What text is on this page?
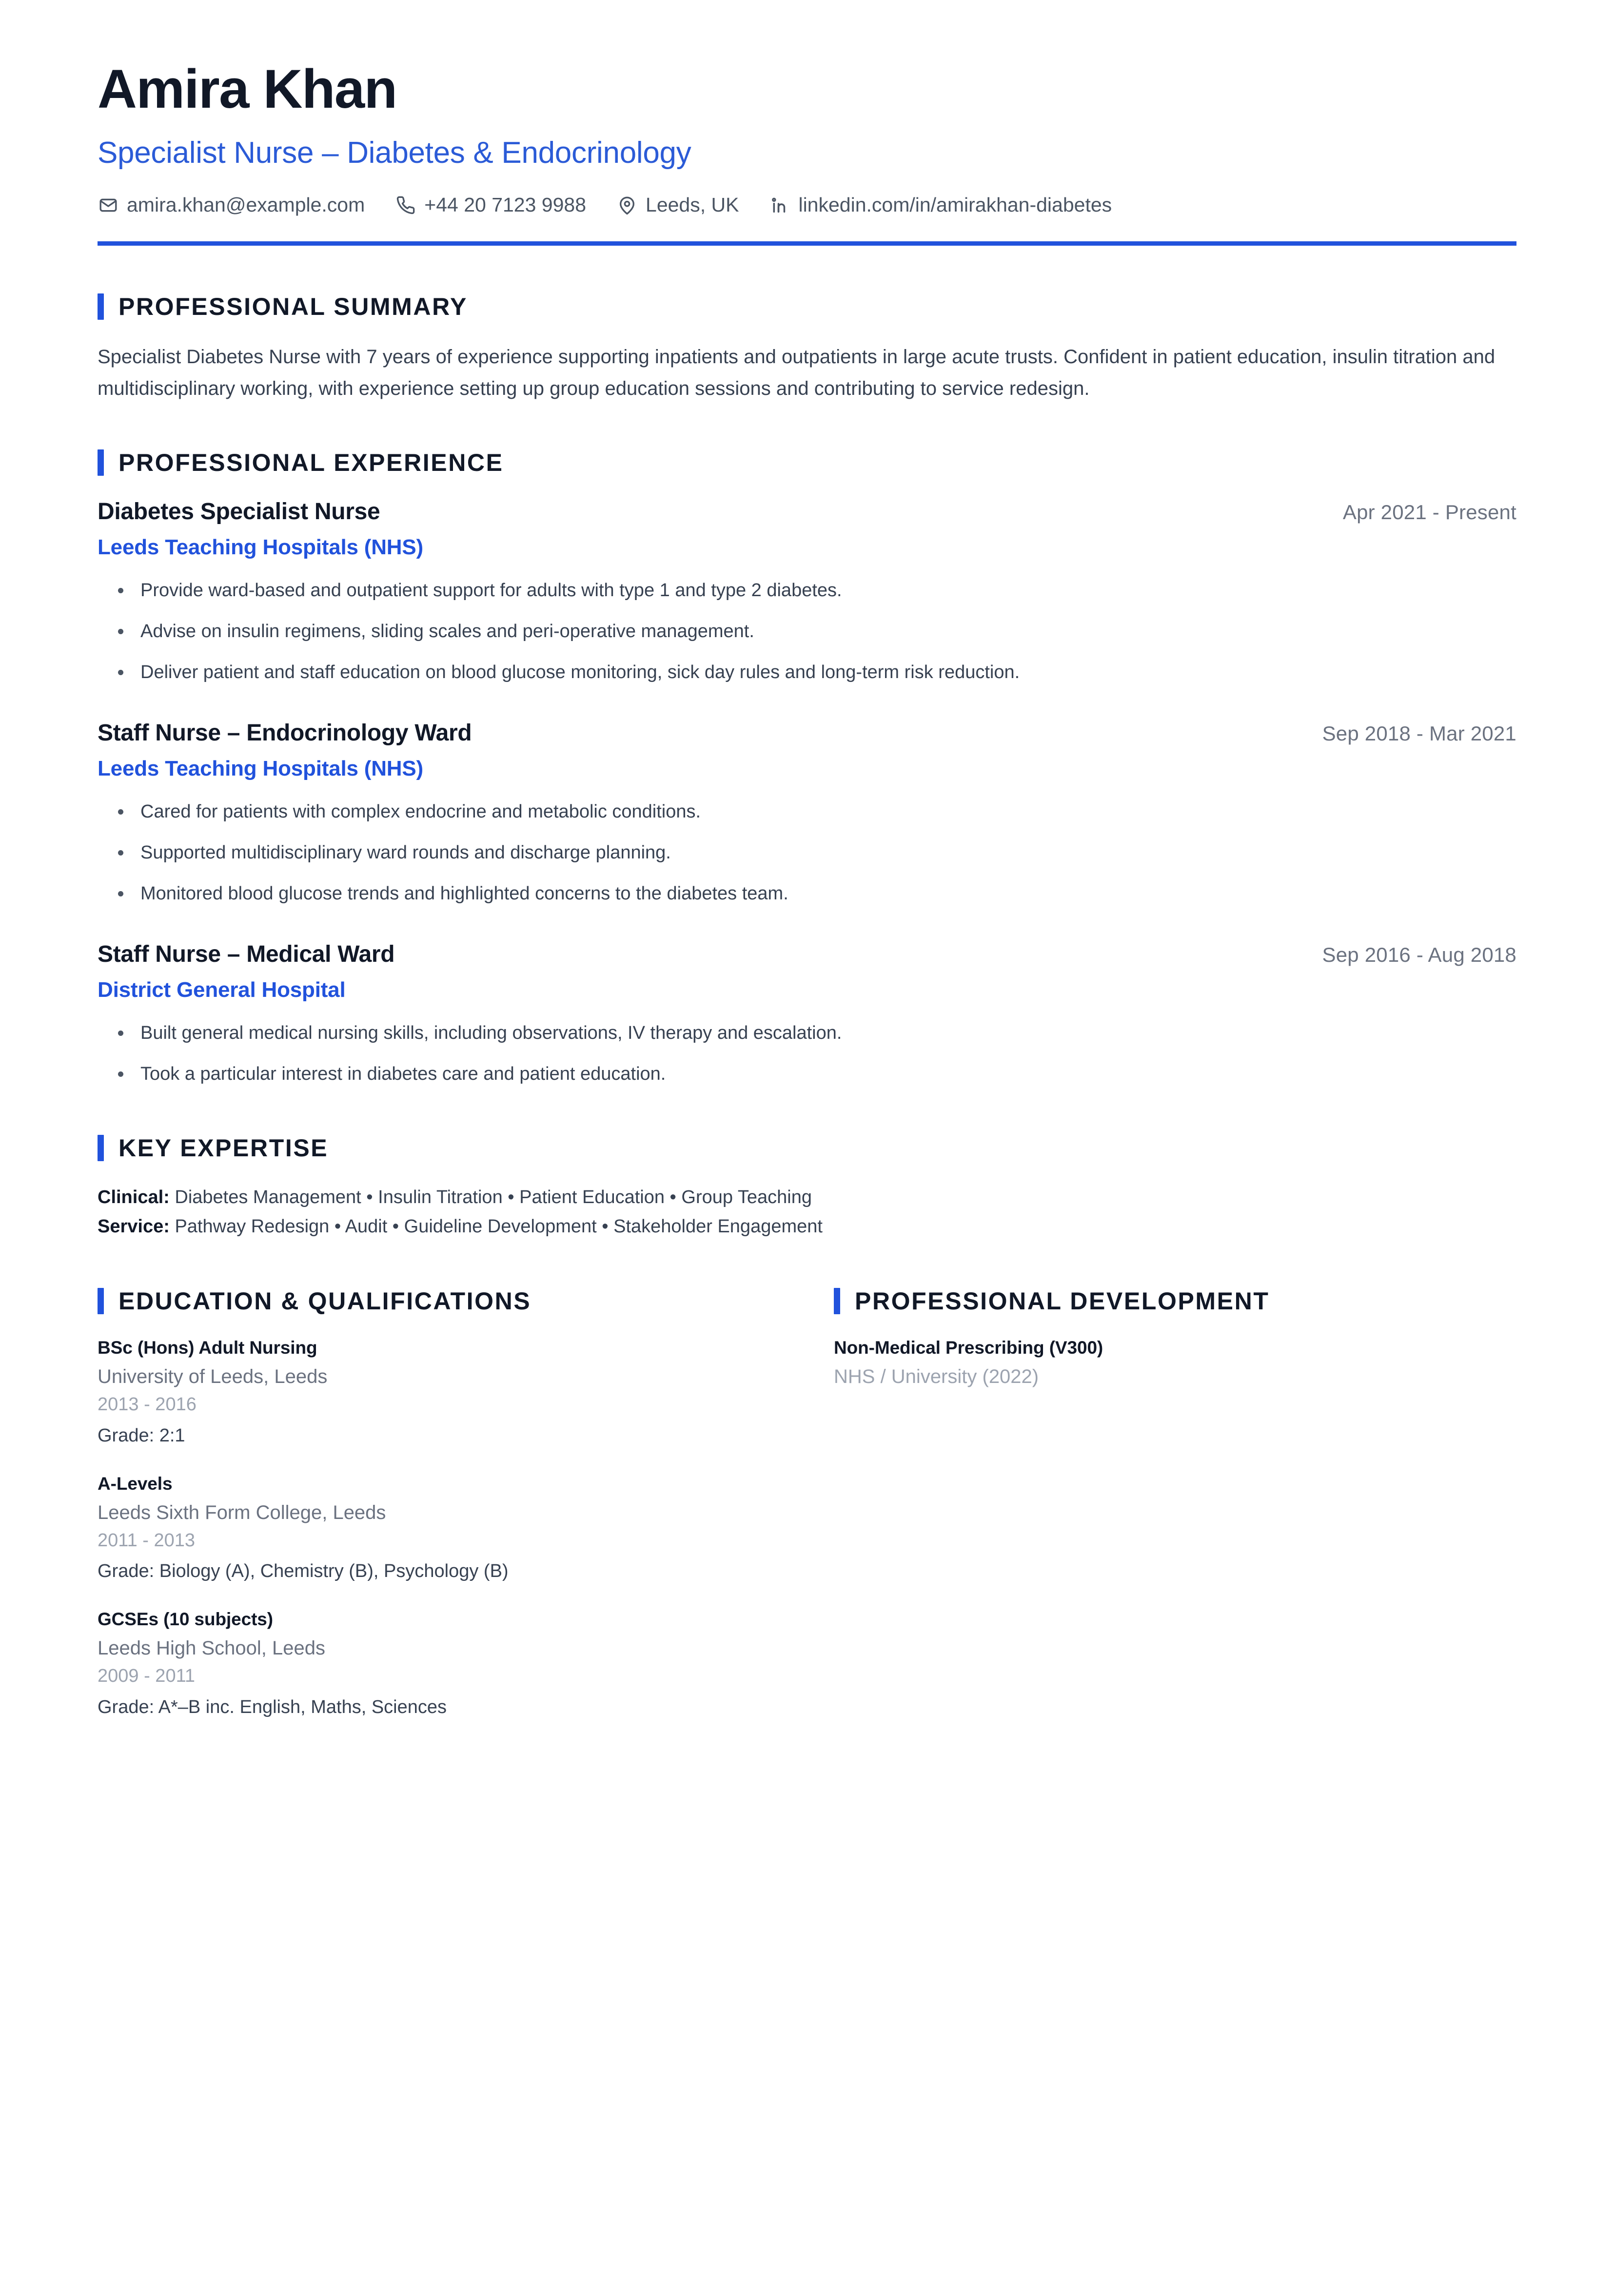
Amira Khan
Specialist Nurse – Diabetes & Endocrinology
amira.khan@example.com	+44 20 7123 9988	Leeds, UK	linkedin.com/in/amirakhan-diabetes
PROFESSIONAL SUMMARY

Specialist Diabetes Nurse with 7 years of experience supporting inpatients and outpatients in large acute trusts. Confident in patient education, insulin titration and multidisciplinary working, with experience setting up group education sessions and contributing to service redesign.

PROFESSIONAL EXPERIENCE
Diabetes Specialist Nurse	Apr 2021 - Present
Leeds Teaching Hospitals (NHS)
Provide ward-based and outpatient support for adults with type 1 and type 2 diabetes.
Advise on insulin regimens, sliding scales and peri-operative management.
Deliver patient and staff education on blood glucose monitoring, sick day rules and long-term risk reduction.
Staff Nurse – Endocrinology Ward	Sep 2018 - Mar 2021
Leeds Teaching Hospitals (NHS)
Cared for patients with complex endocrine and metabolic conditions.
Supported multidisciplinary ward rounds and discharge planning.
Monitored blood glucose trends and highlighted concerns to the diabetes team.
Staff Nurse – Medical Ward	Sep 2016 - Aug 2018
District General Hospital
Built general medical nursing skills, including observations, IV therapy and escalation.
Took a particular interest in diabetes care and patient education.
KEY EXPERTISE
Clinical: Diabetes Management • Insulin Titration • Patient Education • Group Teaching
Service: Pathway Redesign • Audit • Guideline Development • Stakeholder Engagement
EDUCATION & QUALIFICATIONS
BSc (Hons) Adult Nursing
University of Leeds, Leeds
2013 - 2016
Grade: 2:1
A-Levels
Leeds Sixth Form College, Leeds
2011 - 2013
Grade: Biology (A), Chemistry (B), Psychology (B)
GCSEs (10 subjects)
Leeds High School, Leeds
2009 - 2011
Grade: A*–B inc. English, Maths, Sciences
PROFESSIONAL DEVELOPMENT
Non-Medical Prescribing (V300)
NHS / University (2022)
